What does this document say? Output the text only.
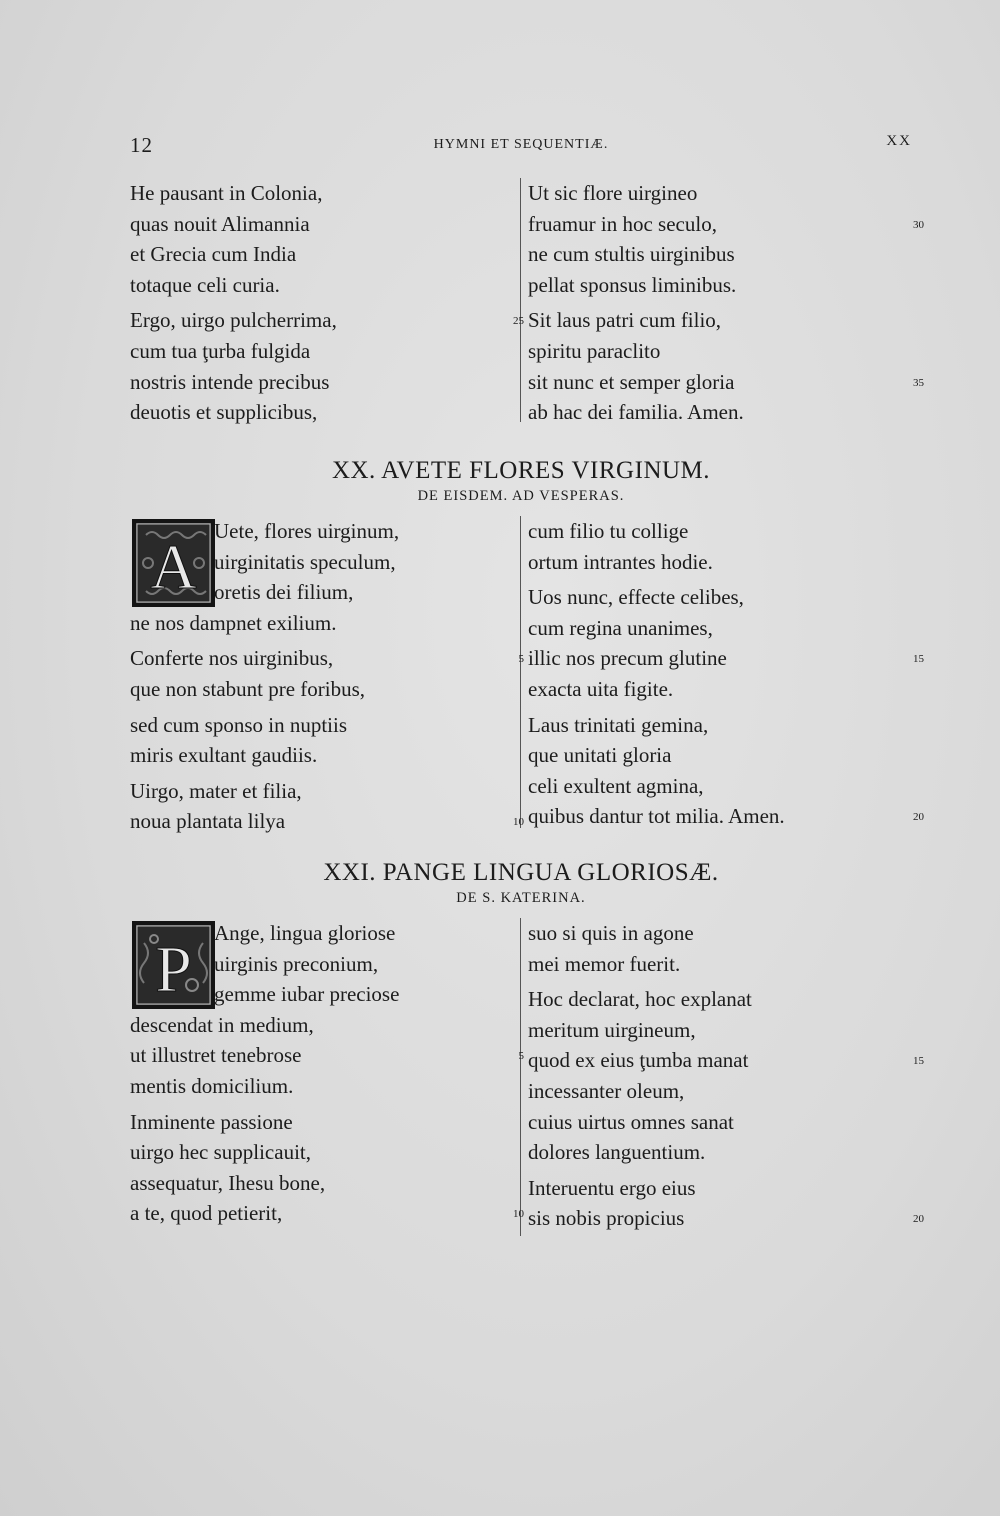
12	HYMNI ET SEQUENTIÆ.	XX
He pausant in Colonia,
quas nouit Alimannia
et Grecia cum India
totaque celi curia.
Ergo, uirgo pulcherrima,	25
cum tua ţurba fulgida
nostris intende precibus
deuotis et supplicibus,
Ut sic flore uirgineo
fruamur in hoc seculo,	30
ne cum stultis uirginibus
pellat sponsus liminibus.
Sit laus patri cum filio,
spiritu paraclito
sit nunc et semper gloria	35
ab hac dei familia. Amen.
XX. AVETE FLORES VIRGINUM.
DE EISDEM. AD VESPERAS.
A Uete, flores uirginum,
uirginitatis speculum,
oretis dei filium,
ne nos dampnet exilium.
Conferte nos uirginibus,	5
que non stabunt pre foribus,
sed cum sponso in nuptiis
miris exultant gaudiis.
Uirgo, mater et filia,
noua plantata lilya	10
cum filio tu collige
ortum intrantes hodie.
Uos nunc, effecte celibes,
cum regina unanimes,
illic nos precum glutine	15
exacta uita figite.
Laus trinitati gemina,
que unitati gloria
celi exultent agmina,
quibus dantur tot milia. Amen.	20
XXI. PANGE LINGUA GLORIOSÆ.
DE S. KATERINA.
P	Ange, lingua gloriose
uirginis preconium,
gemme iubar preciose
descendat in medium,
ut illustret tenebrose	5
mentis domicilium.
Inminente passione
uirgo hec supplicauit,
assequatur, Ihesu bone,
a te, quod petierit,	10
suo si quis in agone
mei memor fuerit.
Hoc declarat, hoc explanat
meritum uirgineum,
quod ex eius ţumba manat	15
incessanter oleum,
cuius uirtus omnes sanat
dolores languentium.
Interuentu ergo eius
sis nobis propicius	20
